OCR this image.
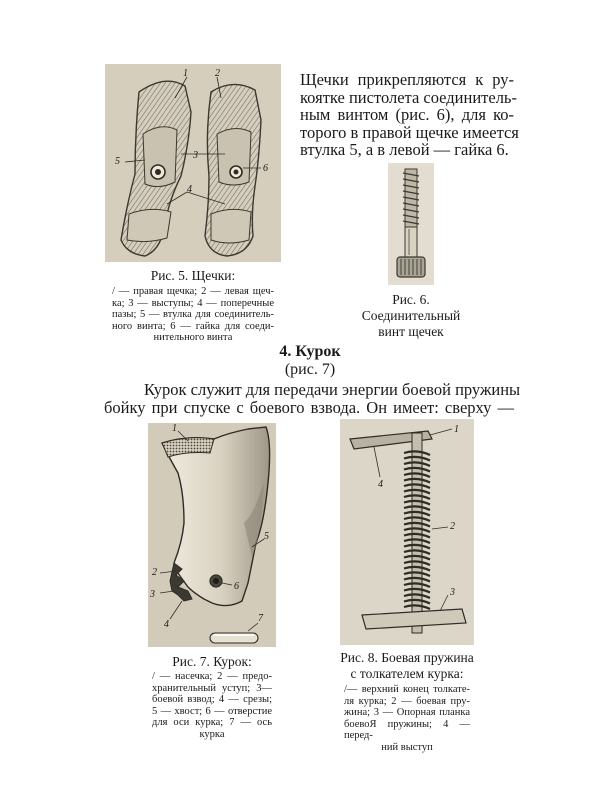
Щечки прикрепляются к ру-
коятке пистолета соединитель-
ным винтом (рис. 6), для ко-
торого в правой щечке имеется
втулка 5, а в левой — гайка 6.
1	2
3
4
5
6
Рис. 5. Щечки:
/ — правая щечка; 2 — левая щеч-
ка; 3 — выступы; 4 — поперечные
пазы; 5 — втулка для соединитель-
ного винта; 6 — гайка для соеди-
нительного винта
Рис. 6.
Соединительный
винт щечек
4. Курок
(рис. 7)
Курок служит для передачи энергии боевой пружины
бойку при спуске с боевого взвода. Он имеет: сверху —
1
2
3
4
5
6
7
Рис. 7. Курок:
/ — насечка; 2 — предо-
хранительный уступ; 3—
боевой взвод; 4 — срезы;
5 — хвост; 6 — отверстие
для оси курка; 7 — ось
курка
1
2
3
4
Рис. 8. Боевая пружина
с толкателем курка:
/— верхний конец толкате-
ля курка; 2 — боевая пру-
жина; 3 — Опорная планка
боевоЯ пружины; 4 — перед-
ний выступ
